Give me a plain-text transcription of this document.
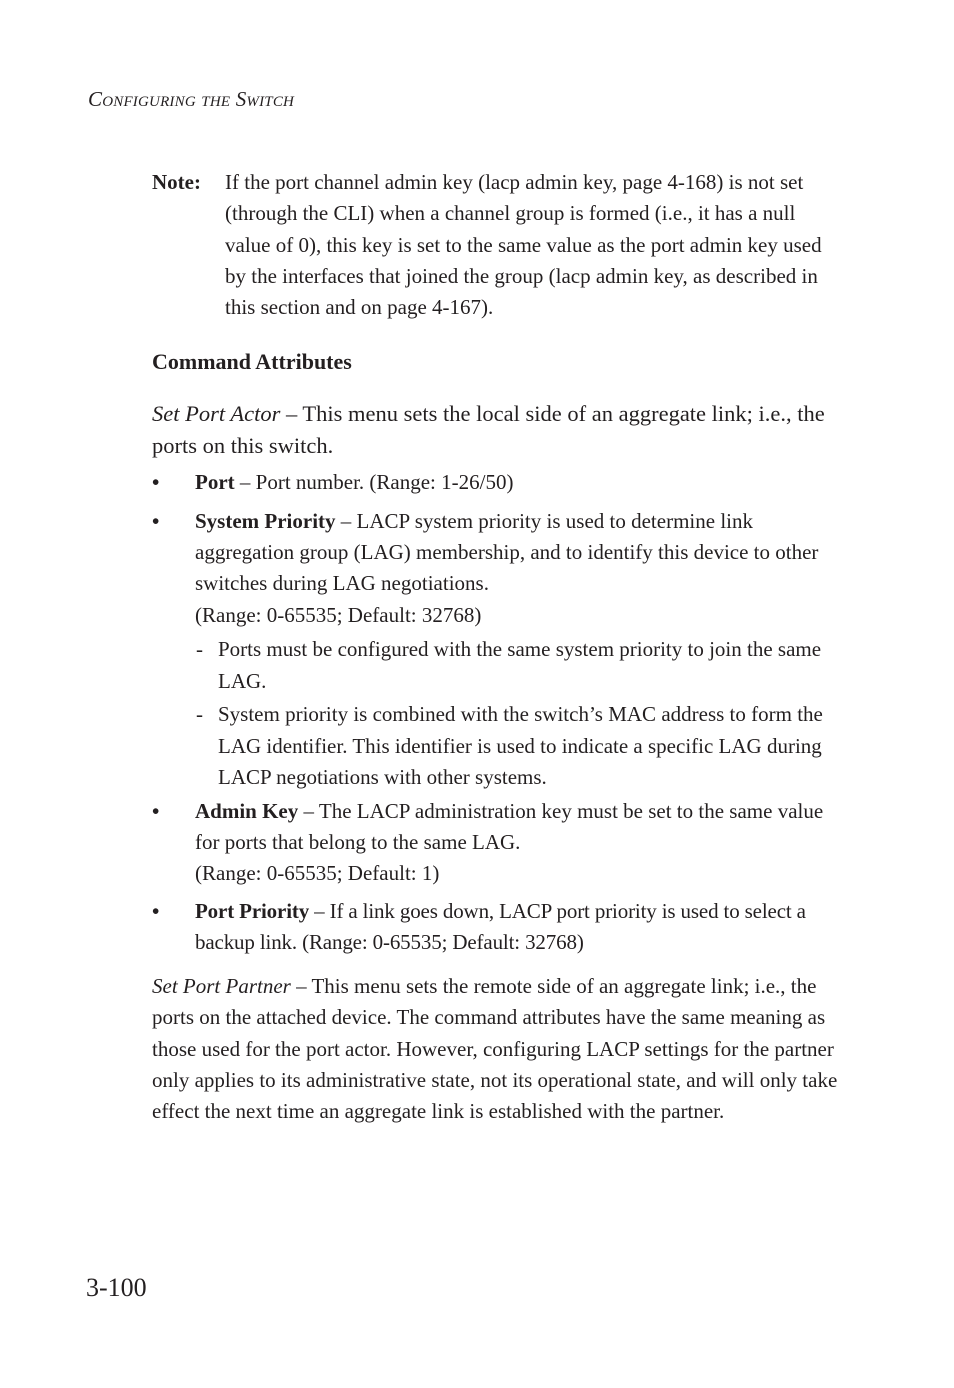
Configuring the Switch
Note: If the port channel admin key (lacp admin key, page 4-168) is not set (through the CLI) when a channel group is formed (i.e., it has a null value of 0), this key is set to the same value as the port admin key used by the interfaces that joined the group (lacp admin key, as described in this section and on page 4-167).
Command Attributes
Set Port Actor – This menu sets the local side of an aggregate link; i.e., the ports on this switch.
• Port – Port number. (Range: 1-26/50)
• System Priority – LACP system priority is used to determine link aggregation group (LAG) membership, and to identify this device to other switches during LAG negotiations.
(Range: 0-65535; Default: 32768)
- Ports must be configured with the same system priority to join the same LAG.
- System priority is combined with the switch’s MAC address to form the LAG identifier. This identifier is used to indicate a specific LAG during LACP negotiations with other systems.
• Admin Key – The LACP administration key must be set to the same value for ports that belong to the same LAG.
(Range: 0-65535; Default: 1)
• Port Priority – If a link goes down, LACP port priority is used to select a backup link. (Range: 0-65535; Default: 32768)
Set Port Partner – This menu sets the remote side of an aggregate link; i.e., the ports on the attached device. The command attributes have the same meaning as those used for the port actor. However, configuring LACP settings for the partner only applies to its administrative state, not its operational state, and will only take effect the next time an aggregate link is established with the partner.
3-100
